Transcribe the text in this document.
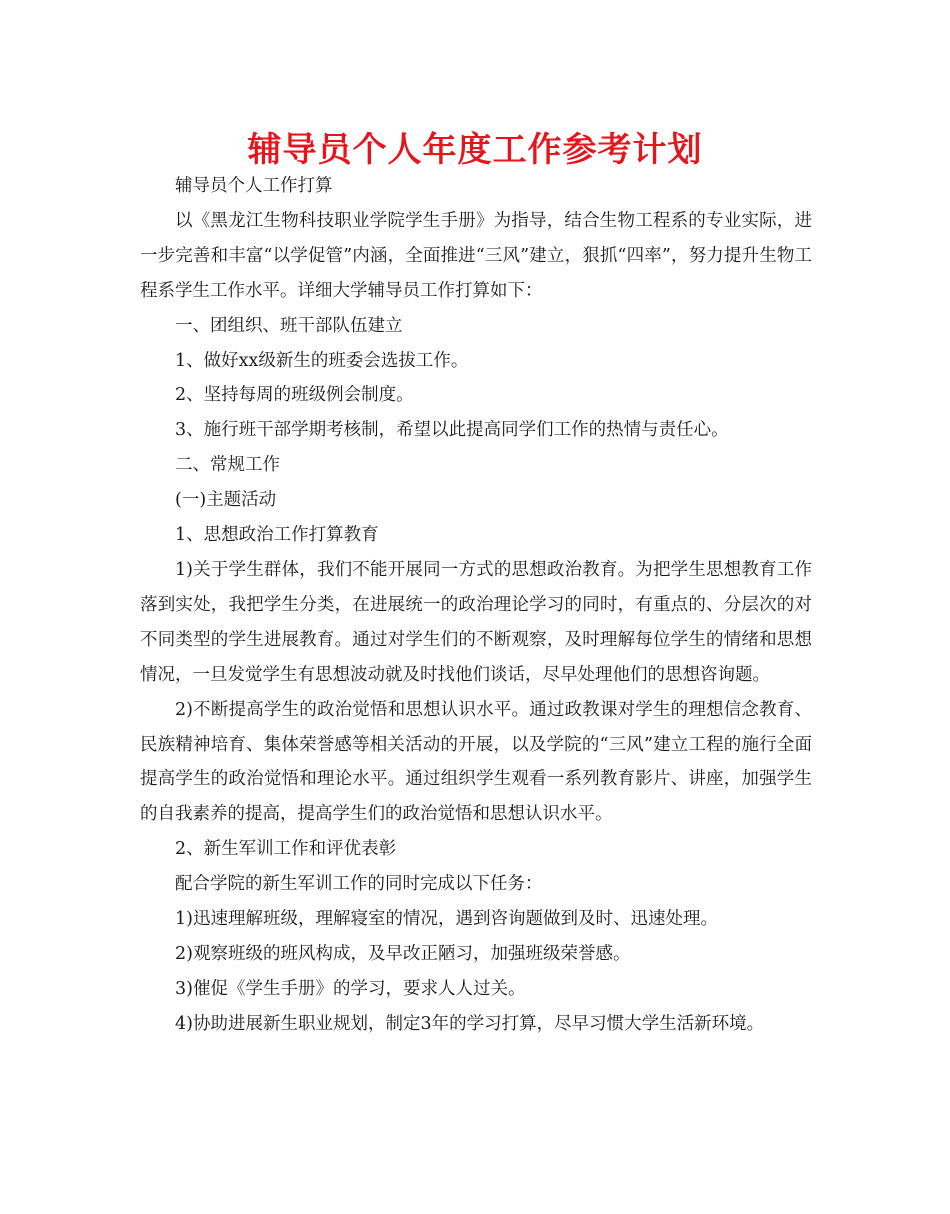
辅导员个人年度工作参考计划

辅导员个人工作打算

以《黑龙江生物科技职业学院学生手册》为指导，结合生物工程系的专业实际，进一步完善和丰富“以学促管”内涵，全面推进“三风”建立，狠抓“四率”，努力提升生物工程系学生工作水平。详细大学辅导员工作打算如下：

一、团组织、班干部队伍建立

1、做好xx级新生的班委会选拔工作。

2、坚持每周的班级例会制度。

3、施行班干部学期考核制，希望以此提高同学们工作的热情与责任心。

二、常规工作

(一)主题活动

1、思想政治工作打算教育

1)关于学生群体，我们不能开展同一方式的思想政治教育。为把学生思想教育工作落到实处，我把学生分类，在进展统一的政治理论学习的同时，有重点的、分层次的对不同类型的学生进展教育。通过对学生们的不断观察，及时理解每位学生的情绪和思想情况，一旦发觉学生有思想波动就及时找他们谈话，尽早处理他们的思想咨询题。

2)不断提高学生的政治觉悟和思想认识水平。通过政教课对学生的理想信念教育、民族精神培育、集体荣誉感等相关活动的开展，以及学院的“三风”建立工程的施行全面提高学生的政治觉悟和理论水平。通过组织学生观看一系列教育影片、讲座，加强学生的自我素养的提高，提高学生们的政治觉悟和思想认识水平。

2、新生军训工作和评优表彰

配合学院的新生军训工作的同时完成以下任务：

1)迅速理解班级，理解寝室的情况，遇到咨询题做到及时、迅速处理。

2)观察班级的班风构成，及早改正陋习，加强班级荣誉感。

3)催促《学生手册》的学习，要求人人过关。

4)协助进展新生职业规划，制定3年的学习打算，尽早习惯大学生活新环境。
